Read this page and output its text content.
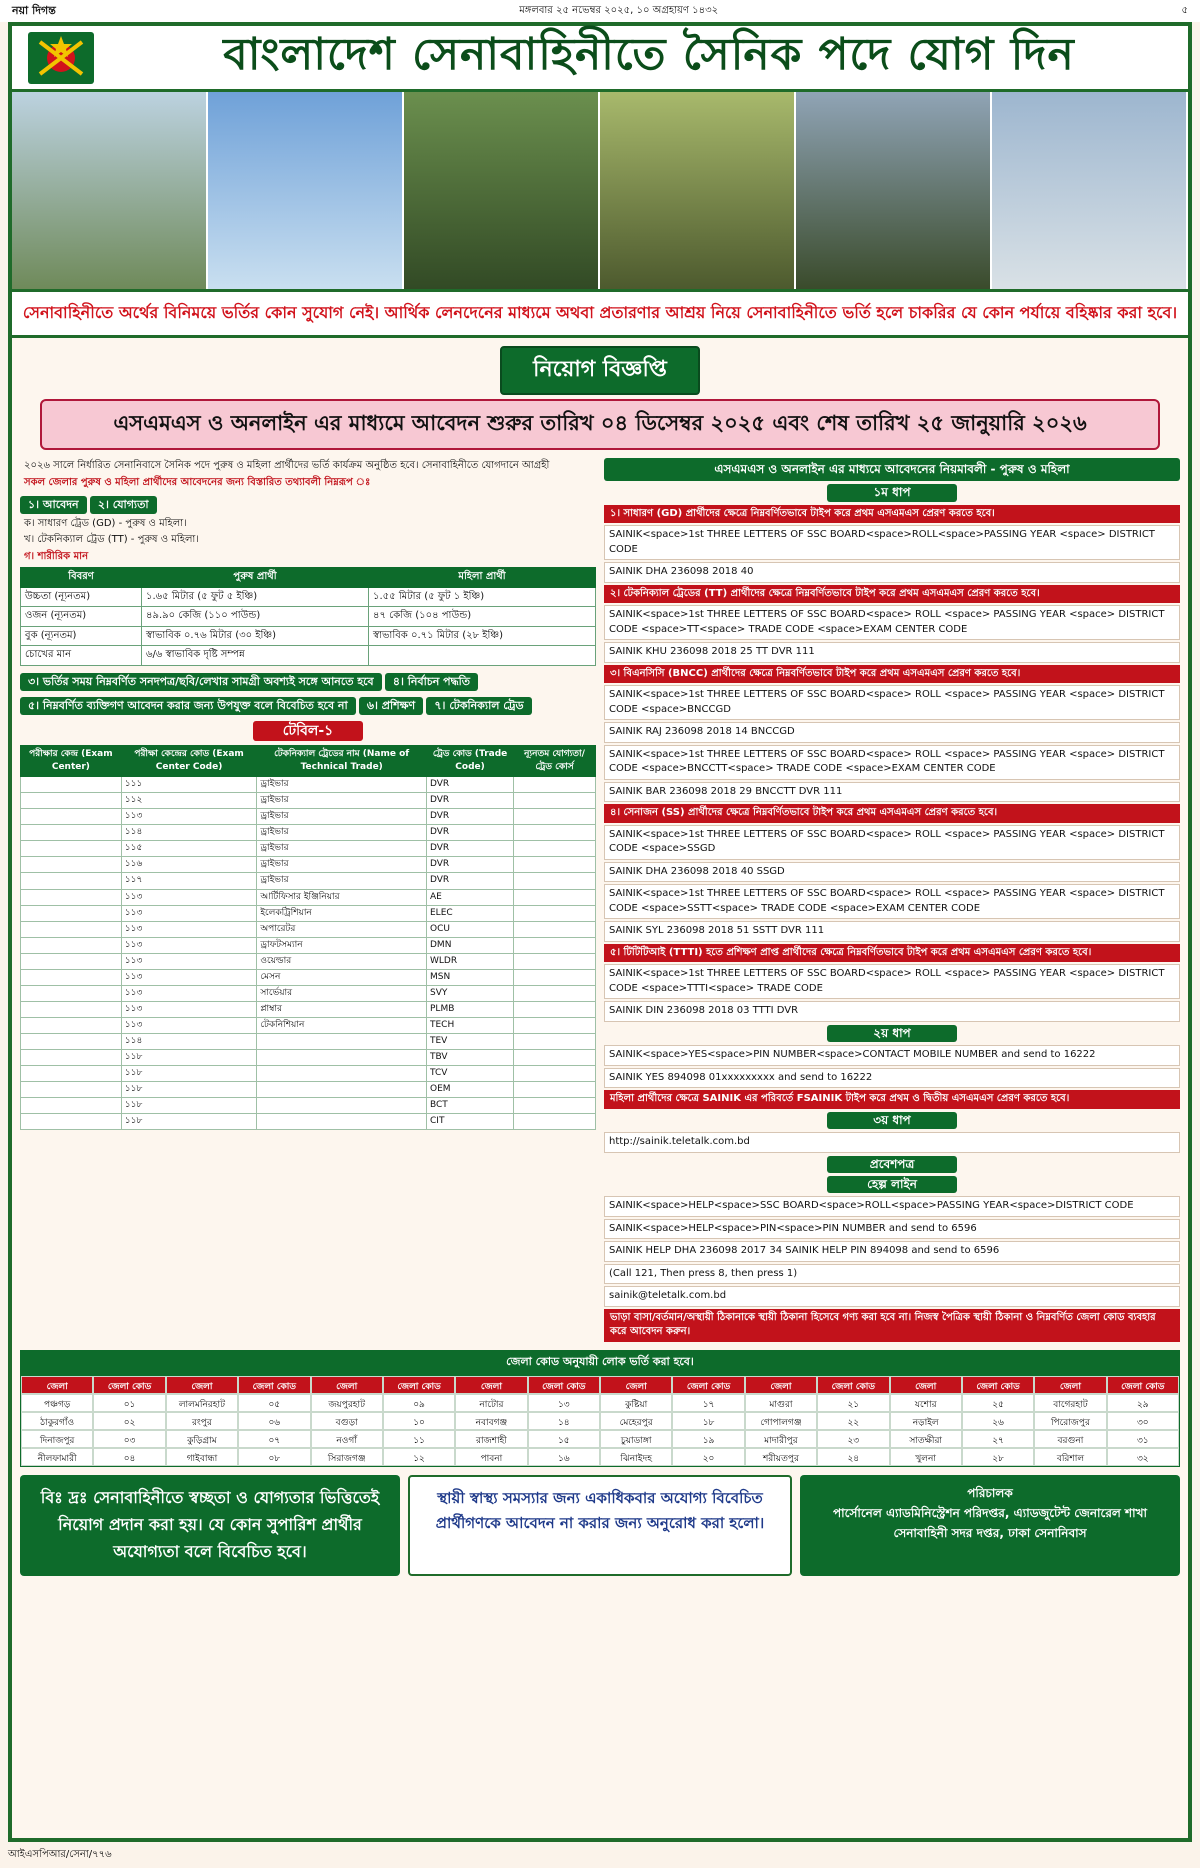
নয়া দিগন্ত	মঙ্গলবার ২৫ নভেম্বর ২০২৫, ১০ অগ্রহায়ণ ১৪৩২	৫
বাংলাদেশ সেনাবাহিনীতে সৈনিক পদে যোগ দিন
সেনাবাহিনীতে অর্থের বিনিময়ে ভর্তির কোন সুযোগ নেই। আর্থিক লেনদেনের মাধ্যমে অথবা প্রতারণার আশ্রয় নিয়ে সেনাবাহিনীতে ভর্তি হলে চাকরির যে কোন পর্যায়ে বহিষ্কার করা হবে।
নিয়োগ বিজ্ঞপ্তি
এসএমএস ও অনলাইন এর মাধ্যমে আবেদন শুরুর তারিখ ০৪ ডিসেম্বর ২০২৫ এবং শেষ তারিখ ২৫ জানুয়ারি ২০২৬
২০২৬ সালে নির্ধারিত সেনানিবাসে সৈনিক পদে পুরুষ ও মহিলা প্রার্থীদের ভর্তি কার্যক্রম অনুষ্ঠিত হবে। সেনাবাহিনীতে যোগদানে আগ্রহী
সকল জেলার পুরুষ ও মহিলা প্রার্থীদের আবেদনের জন্য বিস্তারিত তথ্যাবলী নিম্নরূপ ঃ
১। আবেদন ২। যোগ্যতা
ক। সাধারণ ট্রেড (GD) - পুরুষ ও মহিলা।
খ। টেকনিক্যাল ট্রেড (TT) - পুরুষ ও মহিলা।
গ। শারীরিক মান
বিবরণ	পুরুষ প্রার্থী	মহিলা প্রার্থী
উচ্চতা (ন্যূনতম)	১.৬৫ মিটার (৫ ফুট ৫ ইঞ্চি)	১.৫৫ মিটার (৫ ফুট ১ ইঞ্চি)
ওজন (ন্যূনতম)	৪৯.৯০ কেজি (১১০ পাউন্ড)	৪৭ কেজি (১০৪ পাউন্ড)
বুক (ন্যূনতম)	স্বাভাবিক ০.৭৬ মিটার (৩০ ইঞ্চি)	স্বাভাবিক ০.৭১ মিটার (২৮ ইঞ্চি)
চোখের মান	৬/৬ স্বাভাবিক দৃষ্টি সম্পন্ন	
৩। ভর্তির সময় নিম্নবর্ণিত সনদপত্র/ছবি/লেখার সামগ্রী অবশ্যই সঙ্গে আনতে হবে ৪। নির্বাচন পদ্ধতি ৫। নিম্নবর্ণিত ব্যক্তিগণ আবেদন করার জন্য উপযুক্ত বলে বিবেচিত হবে না ৬। প্রশিক্ষণ ৭। টেকনিক্যাল ট্রেড
টেবিল-১
পরীক্ষার কেন্দ্র (Exam Center)	পরীক্ষা কেন্দ্রের কোড (Exam Center Code)	টেকনিক্যাল ট্রেডের নাম (Name of Technical Trade)	ট্রেড কোড (Trade Code)	ন্যূনতম যোগ্যতা/ট্রেড কোর্স
	১১১	ড্রাইভার	DVR	
	১১২	ড্রাইভার	DVR	
	১১৩	ড্রাইভার	DVR	
	১১৪	ড্রাইভার	DVR	
	১১৫	ড্রাইভার	DVR	
	১১৬	ড্রাইভার	DVR	
	১১৭	ড্রাইভার	DVR	
	১১৩	আর্টিফিসার ইঞ্জিনিয়ার	AE	
	১১৩	ইলেকট্রিশিয়ান	ELEC	
	১১৩	অপারেটর	OCU	
	১১৩	ড্রাফটসম্যান	DMN	
	১১৩	ওয়েল্ডার	WLDR	
	১১৩	মেসন	MSN	
	১১৩	সার্ভেয়ার	SVY	
	১১৩	প্লাম্বার	PLMB	
	১১৩	টেকনিশিয়ান	TECH	
	১১৪		TEV	
	১১৮		TBV	
	১১৮		TCV	
	১১৮		OEM	
	১১৮		BCT	
	১১৮		CIT	
এসএমএস ও অনলাইন এর মাধ্যমে আবেদনের নিয়মাবলী - পুরুষ ও মহিলা
১ম ধাপ
১। সাধারণ (GD) প্রার্থীদের ক্ষেত্রে নিম্নবর্ণিতভাবে টাইপ করে প্রথম এসএমএস প্রেরণ করতে হবে।
SAINIK<space>1st THREE LETTERS OF SSC BOARD<space>ROLL<space>PASSING YEAR <space> DISTRICT CODE
SAINIK DHA 236098 2018 40
২। টেকনিক্যাল ট্রেডের (TT) প্রার্থীদের ক্ষেত্রে নিম্নবর্ণিতভাবে টাইপ করে প্রথম এসএমএস প্রেরণ করতে হবে।
SAINIK<space>1st THREE LETTERS OF SSC BOARD<space> ROLL <space> PASSING YEAR <space> DISTRICT CODE <space>TT<space> TRADE CODE <space>EXAM CENTER CODE
SAINIK KHU 236098 2018 25 TT DVR 111
৩। বিএনসিসি (BNCC) প্রার্থীদের ক্ষেত্রে নিম্নবর্ণিতভাবে টাইপ করে প্রথম এসএমএস প্রেরণ করতে হবে।
SAINIK<space>1st THREE LETTERS OF SSC BOARD<space> ROLL <space> PASSING YEAR <space> DISTRICT CODE <space>BNCCGD
SAINIK RAJ 236098 2018 14 BNCCGD
SAINIK<space>1st THREE LETTERS OF SSC BOARD<space> ROLL <space> PASSING YEAR <space> DISTRICT CODE <space>BNCCTT<space> TRADE CODE <space>EXAM CENTER CODE
SAINIK BAR 236098 2018 29 BNCCTT DVR 111
৪। সেনাজন (SS) প্রার্থীদের ক্ষেত্রে নিম্নবর্ণিতভাবে টাইপ করে প্রথম এসএমএস প্রেরণ করতে হবে।
SAINIK<space>1st THREE LETTERS OF SSC BOARD<space> ROLL <space> PASSING YEAR <space> DISTRICT CODE <space>SSGD
SAINIK DHA 236098 2018 40 SSGD
SAINIK<space>1st THREE LETTERS OF SSC BOARD<space> ROLL <space> PASSING YEAR <space> DISTRICT CODE <space>SSTT<space> TRADE CODE <space>EXAM CENTER CODE
SAINIK SYL 236098 2018 51 SSTT DVR 111
৫। টিটিটিআই (TTTI) হতে প্রশিক্ষণ প্রাপ্ত প্রার্থীদের ক্ষেত্রে নিম্নবর্ণিতভাবে টাইপ করে প্রথম এসএমএস প্রেরণ করতে হবে।
SAINIK<space>1st THREE LETTERS OF SSC BOARD<space> ROLL <space> PASSING YEAR <space> DISTRICT CODE <space>TTTI<space> TRADE CODE
SAINIK DIN 236098 2018 03 TTTI DVR
২য় ধাপ
SAINIK<space>YES<space>PIN NUMBER<space>CONTACT MOBILE NUMBER and send to 16222
SAINIK YES 894098 01xxxxxxxxx and send to 16222
মহিলা প্রার্থীদের ক্ষেত্রে SAINIK এর পরিবর্তে FSAINIK টাইপ করে প্রথম ও দ্বিতীয় এসএমএস প্রেরণ করতে হবে।
৩য় ধাপ
http://sainik.teletalk.com.bd
প্রবেশপত্র
হেল্প লাইন
SAINIK<space>HELP<space>SSC BOARD<space>ROLL<space>PASSING YEAR<space>DISTRICT CODE
SAINIK<space>HELP<space>PIN<space>PIN NUMBER and send to 6596
SAINIK HELP DHA 236098 2017 34 SAINIK HELP PIN 894098 and send to 6596
(Call 121, Then press 8, then press 1)
sainik@teletalk.com.bd
ভাড়া বাসা/বর্তমান/অস্থায়ী ঠিকানাকে স্থায়ী ঠিকানা হিসেবে গণ্য করা হবে না। নিজস্ব পৈত্রিক স্থায়ী ঠিকানা ও নিম্নবর্ণিত জেলা কোড ব্যবহার করে আবেদন করুন।
জেলা কোড অনুযায়ী লোক ভর্তি করা হবে।
জেলা	জেলা কোড	জেলা	জেলা কোড	জেলা	জেলা কোড	জেলা	জেলা কোড	জেলা	জেলা কোড	জেলা	জেলা কোড	জেলা	জেলা কোড	জেলা	জেলা কোড
পঞ্চগড়	০১	লালমনিরহাট	০৫	জয়পুরহাট	০৯	নাটোর	১৩	কুষ্টিয়া	১৭	মাগুরা	২১	যশোর	২৫	বাগেরহাট	২৯
ঠাকুরগাঁও	০২	রংপুর	০৬	বগুড়া	১০	নবাবগঞ্জ	১৪	মেহেরপুর	১৮	গোপালগঞ্জ	২২	নড়াইল	২৬	পিরোজপুর	৩০
দিনাজপুর	০৩	কুড়িগ্রাম	০৭	নওগাঁ	১১	রাজশাহী	১৫	চুয়াডাঙ্গা	১৯	মাদারীপুর	২৩	সাতক্ষীরা	২৭	বরগুনা	৩১
নীলফামারী	০৪	গাইবান্ধা	০৮	সিরাজগঞ্জ	১২	পাবনা	১৬	ঝিনাইদহ	২০	শরীয়তপুর	২৪	খুলনা	২৮	বরিশাল	৩২
বিঃ দ্রঃ সেনাবাহিনীতে স্বচ্ছতা ও যোগ্যতার ভিত্তিতেই নিয়োগ প্রদান করা হয়। যে কোন সুপারিশ প্রার্থীর অযোগ্যতা বলে বিবেচিত হবে।
স্থায়ী স্বাস্থ্য সমস্যার জন্য একাধিকবার অযোগ্য বিবেচিত প্রার্থীগণকে আবেদন না করার জন্য অনুরোধ করা হলো।
পরিচালক
পার্সোনেল এ্যাডমিনিস্ট্রেশন পরিদপ্তর, এ্যাডজুটেন্ট জেনারেল শাখা সেনাবাহিনী সদর দপ্তর, ঢাকা সেনানিবাস
আইএসপিআর/সেনা/৭৭৬
